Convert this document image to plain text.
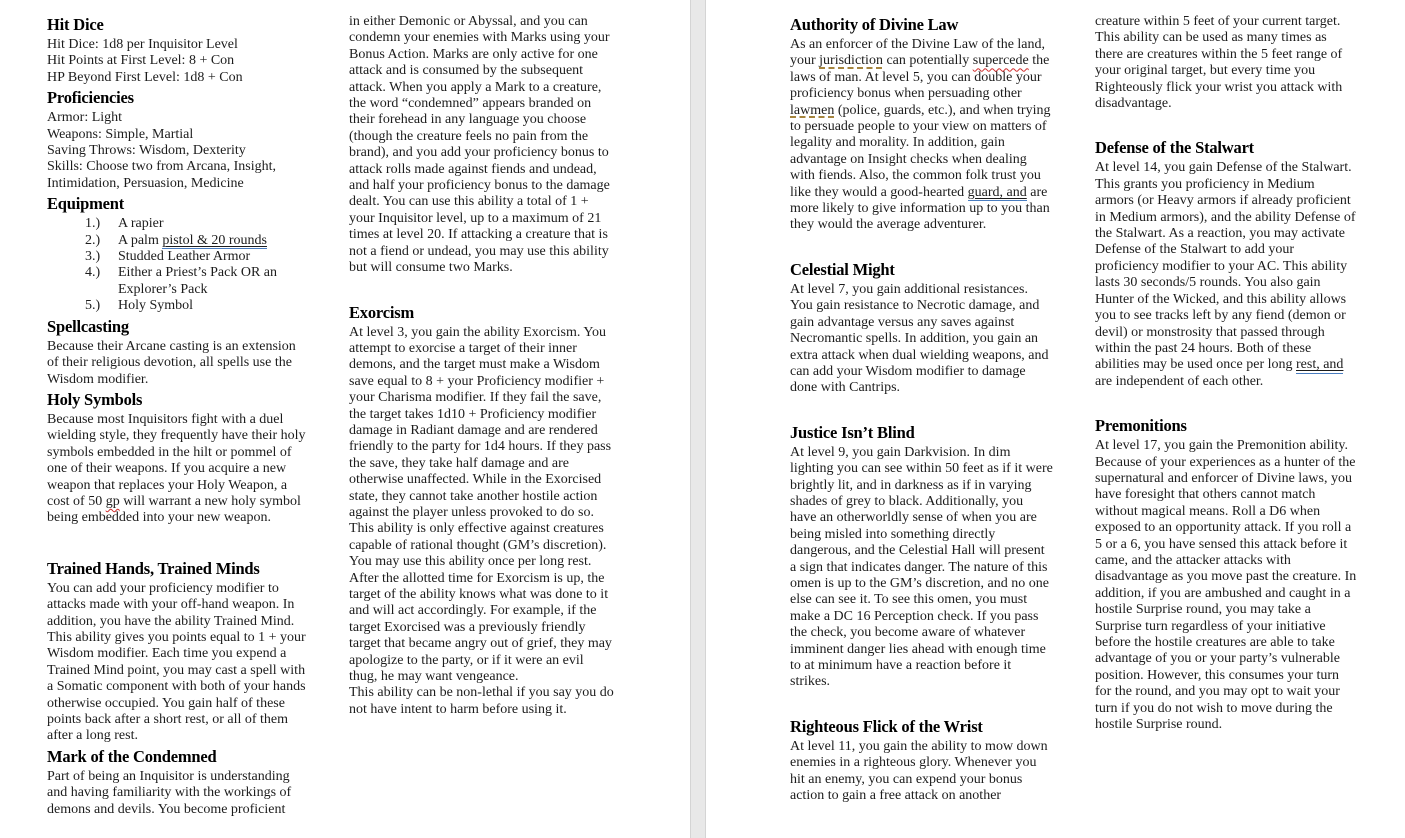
Hit Dice
Hit Dice: 1d8 per Inquisitor Level
Hit Points at First Level: 8 + Con
HP Beyond First Level: 1d8 + Con
Proficiencies
Armor: Light
Weapons: Simple, Martial
Saving Throws: Wisdom, Dexterity
Skills: Choose two from Arcana, Insight, Intimidation, Persuasion, Medicine
Equipment
1.)	A rapier
2.)	A palm pistol & 20 rounds
3.)	Studded Leather Armor
4.)	Either a Priest’s Pack OR an Explorer’s Pack
5.)	Holy Symbol
Spellcasting
Because their Arcane casting is an extension of their religious devotion, all spells use the Wisdom modifier.
Holy Symbols
Because most Inquisitors fight with a duel wielding style, they frequently have their holy symbols embedded in the hilt or pommel of one of their weapons. If you acquire a new weapon that replaces your Holy Weapon, a cost of 50 gp will warrant a new holy symbol being embedded into your new weapon.
Trained Hands, Trained Minds
You can add your proficiency modifier to attacks made with your off-hand weapon. In addition, you have the ability Trained Mind. This ability gives you points equal to 1 + your Wisdom modifier. Each time you expend a Trained Mind point, you may cast a spell with a Somatic component with both of your hands otherwise occupied. You gain half of these points back after a short rest, or all of them after a long rest.
Mark of the Condemned
Part of being an Inquisitor is understanding and having familiarity with the workings of demons and devils. You become proficient
in either Demonic or Abyssal, and you can condemn your enemies with Marks using your Bonus Action. Marks are only active for one attack and is consumed by the subsequent attack. When you apply a Mark to a creature, the word “condemned” appears branded on their forehead in any language you choose (though the creature feels no pain from the brand), and you add your proficiency bonus to attack rolls made against fiends and undead, and half your proficiency bonus to the damage dealt. You can use this ability a total of 1 + your Inquisitor level, up to a maximum of 21 times at level 20. If attacking a creature that is not a fiend or undead, you may use this ability but will consume two Marks.
Exorcism
At level 3, you gain the ability Exorcism. You attempt to exorcise a target of their inner demons, and the target must make a Wisdom save equal to 8 + your Proficiency modifier + your Charisma modifier. If they fail the save, the target takes 1d10 + Proficiency modifier damage in Radiant damage and are rendered friendly to the party for 1d4 hours. If they pass the save, they take half damage and are otherwise unaffected. While in the Exorcised state, they cannot take another hostile action against the player unless provoked to do so. This ability is only effective against creatures capable of rational thought (GM’s discretion). You may use this ability once per long rest. After the allotted time for Exorcism is up, the target of the ability knows what was done to it and will act accordingly. For example, if the target Exorcised was a previously friendly target that became angry out of grief, they may apologize to the party, or if it were an evil thug, he may want vengeance.
This ability can be non-lethal if you say you do not have intent to harm before using it.
Authority of Divine Law
As an enforcer of the Divine Law of the land, your jurisdiction can potentially supercede the laws of man. At level 5, you can double your proficiency bonus when persuading other lawmen (police, guards, etc.), and when trying to persuade people to your view on matters of legality and morality. In addition, gain advantage on Insight checks when dealing with fiends. Also, the common folk trust you like they would a good-hearted guard, and are more likely to give information up to you than they would the average adventurer.
Celestial Might
At level 7, you gain additional resistances. You gain resistance to Necrotic damage, and gain advantage versus any saves against Necromantic spells. In addition, you gain an extra attack when dual wielding weapons, and can add your Wisdom modifier to damage done with Cantrips.
Justice Isn’t Blind
At level 9, you gain Darkvision. In dim lighting you can see within 50 feet as if it were brightly lit, and in darkness as if in varying shades of grey to black. Additionally, you have an otherworldly sense of when you are being misled into something directly dangerous, and the Celestial Hall will present a sign that indicates danger. The nature of this omen is up to the GM’s discretion, and no one else can see it. To see this omen, you must make a DC 16 Perception check. If you pass the check, you become aware of whatever imminent danger lies ahead with enough time to at minimum have a reaction before it strikes.
Righteous Flick of the Wrist
At level 11, you gain the ability to mow down enemies in a righteous glory. Whenever you hit an enemy, you can expend your bonus action to gain a free attack on another
creature within 5 feet of your current target. This ability can be used as many times as there are creatures within the 5 feet range of your original target, but every time you Righteously flick your wrist you attack with disadvantage.
Defense of the Stalwart
At level 14, you gain Defense of the Stalwart. This grants you proficiency in Medium armors (or Heavy armors if already proficient in Medium armors), and the ability Defense of the Stalwart. As a reaction, you may activate Defense of the Stalwart to add your proficiency modifier to your AC. This ability lasts 30 seconds/5 rounds. You also gain Hunter of the Wicked, and this ability allows you to see tracks left by any fiend (demon or devil) or monstrosity that passed through within the past 24 hours. Both of these abilities may be used once per long rest, and are independent of each other.
Premonitions
At level 17, you gain the Premonition ability. Because of your experiences as a hunter of the supernatural and enforcer of Divine laws, you have foresight that others cannot match without magical means. Roll a D6 when exposed to an opportunity attack. If you roll a 5 or a 6, you have sensed this attack before it came, and the attacker attacks with disadvantage as you move past the creature. In addition, if you are ambushed and caught in a hostile Surprise round, you may take a Surprise turn regardless of your initiative before the hostile creatures are able to take advantage of you or your party’s vulnerable position. However, this consumes your turn for the round, and you may opt to wait your turn if you do not wish to move during the hostile Surprise round.
